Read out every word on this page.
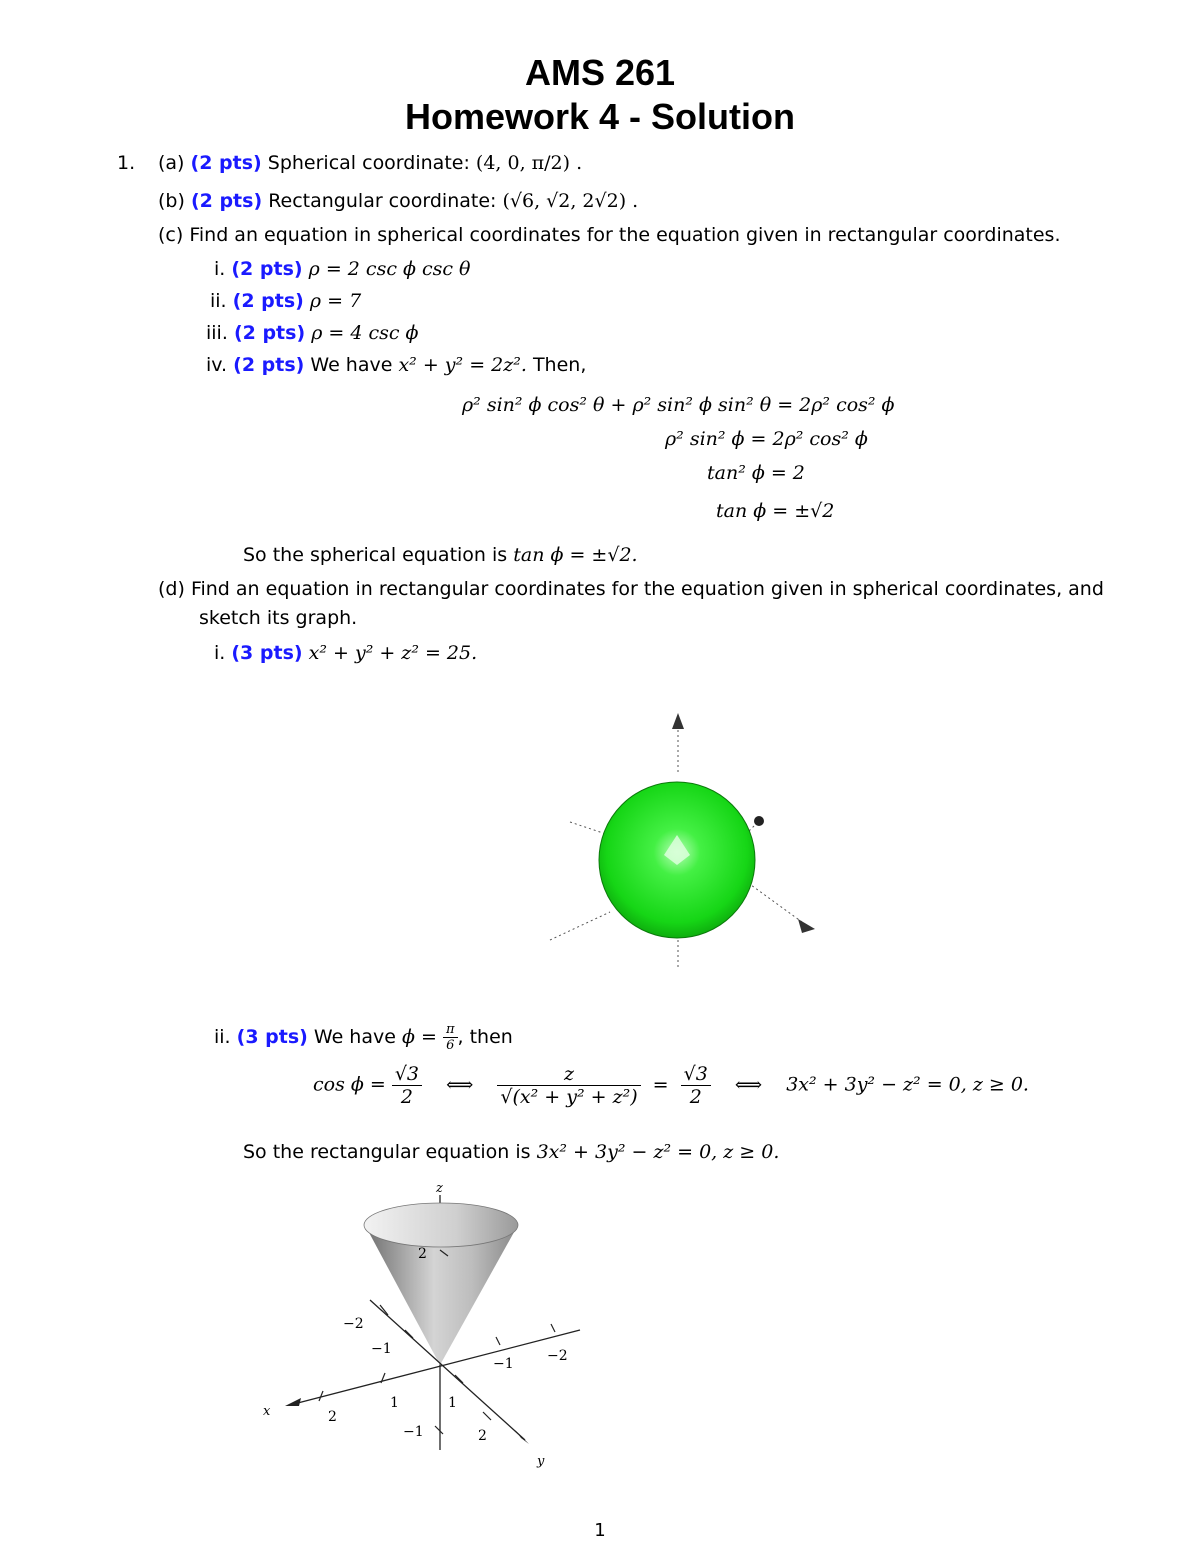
AMS 261
Homework 4 - Solution
1. (a) (2 pts) Spherical coordinate: (4, 0, π/2) .
(b) (2 pts) Rectangular coordinate: (√6, √2, 2√2) .
(c) Find an equation in spherical coordinates for the equation given in rectangular coordinates.
i. (2 pts) ρ = 2 csc ϕ csc θ
ii. (2 pts) ρ = 7
iii. (2 pts) ρ = 4 csc ϕ
iv. (2 pts) We have x² + y² = 2z². Then,
ρ² sin² ϕ cos² θ + ρ² sin² ϕ sin² θ = 2ρ² cos² ϕ
ρ² sin² ϕ = 2ρ² cos² ϕ
tan² ϕ = 2
tan ϕ = ±√2
So the spherical equation is tan ϕ = ±√2.
(d) Find an equation in rectangular coordinates for the equation given in spherical coordinates, and
sketch its graph.
i. (3 pts) x² + y² + z² = 25.
ii. (3 pts) We have $\phi = \frac{\pi}{6}$ , then
$\cos \phi = \frac{√3}{2}$ ⟺ $\frac{z}{\text{√(x² + y² + z²)}} = \frac{√3}{2}$ ⟺ 3x² + 3y² − z² = 0, z ≥ 0.
So the rectangular equation is 3x² + 3y² − z² = 0, z ≥ 0.
z
x
y
2
−2
−1
1
2
−1 −2
1
−1	2
1
